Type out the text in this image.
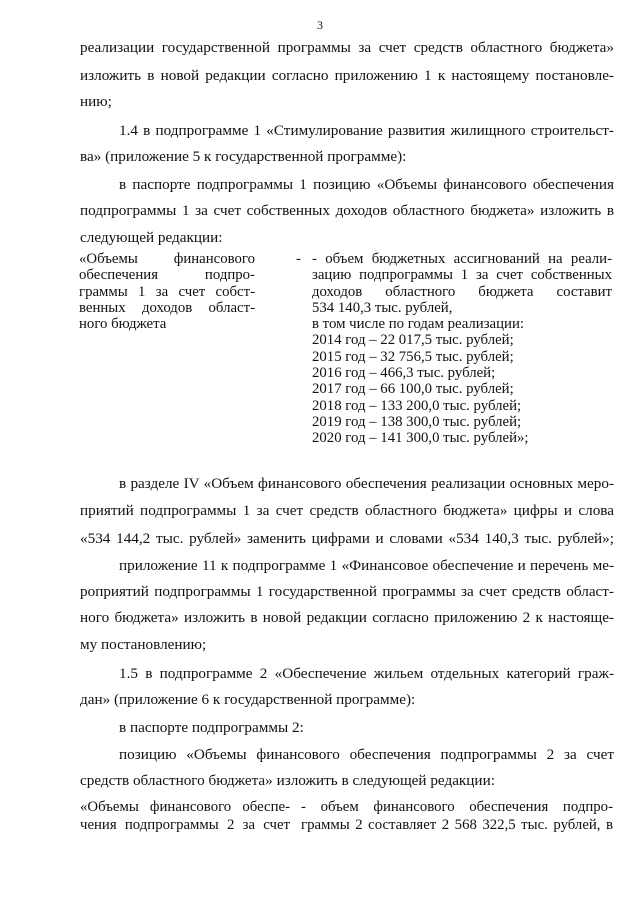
3
реализации государственной программы за счет средств областного бюджета»
изложить в новой редакции согласно приложению 1 к настоящему постановле-
нию;
1.4 в подпрограмме 1 «Стимулирование развития жилищного строительст-
ва» (приложение 5 к государственной программе):
в паспорте подпрограммы 1 позицию «Объемы финансового обеспечения
подпрограммы 1 за счет собственных доходов областного бюджета» изложить в
следующей редакции:
«Объемы финансового
обеспечения подпро-
граммы 1 за счет собст-
венных доходов област-
ного бюджета
- - объем бюджетных ассигнований на реали-
зацию подпрограммы 1 за счет собственных
доходов областного бюджета составит
534 140,3 тыс. рублей,
в том числе по годам реализации:
2014 год – 22 017,5 тыс. рублей;
2015 год – 32 756,5 тыс. рублей;
2016 год – 466,3 тыс. рублей;
2017 год – 66 100,0 тыс. рублей;
2018 год – 133 200,0 тыс. рублей;
2019 год – 138 300,0 тыс. рублей;
2020 год – 141 300,0 тыс. рублей»;
в разделе IV «Объем финансового обеспечения реализации основных меро-
приятий подпрограммы 1 за счет средств областного бюджета» цифры и слова
«534 144,2 тыс. рублей» заменить цифрами и словами «534 140,3 тыс. рублей»;
приложение 11 к подпрограмме 1 «Финансовое обеспечение и перечень ме-
роприятий подпрограммы 1 государственной программы за счет средств област-
ного бюджета» изложить в новой редакции согласно приложению 2 к настояще-
му постановлению;
1.5 в подпрограмме 2 «Обеспечение жильем отдельных категорий граж-
дан» (приложение 6 к государственной программе):
в паспорте подпрограммы 2:
позицию «Объемы финансового обеспечения подпрограммы 2 за счет
средств областного бюджета» изложить в следующей редакции:
«Объемы финансового обеспе-
чения подпрограммы 2 за счет
- объем финансового обеспечения подпро-
граммы 2 составляет 2 568 322,5 тыс. рублей, в
